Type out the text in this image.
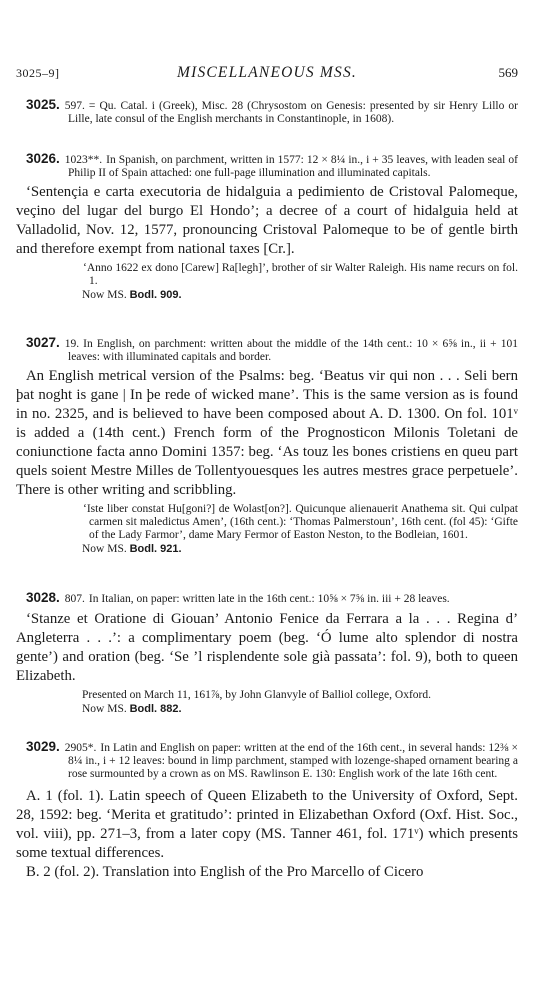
3025–9]	MISCELLANEOUS MSS.	569

3025. 597. = Qu. Catal. i (Greek), Misc. 28 (Chrysostom on Genesis: presented by sir Henry Lillo or Lille, late consul of the English merchants in Constantinople, in 1608).

3026. 1023**. In Spanish, on parchment, written in 1577: 12 × 8¼ in., i + 35 leaves, with leaden seal of Philip II of Spain attached: one full-page illumination and illuminated capitals.

‘Sentençia e carta executoria de hidalguia a pedimiento de Cristoval Palomeque, veçino del lugar del burgo El Hondo’; a decree of a court of hidalguia held at Valladolid, Nov. 12, 1577, pronouncing Cristoval Palomeque to be of gentle birth and therefore exempt from national taxes [Cr.].

‘Anno 1622 ex dono [Carew] Ra[legh]’, brother of sir Walter Raleigh. His name recurs on fol. 1.

Now MS. Bodl. 909.

3027. 19. In English, on parchment: written about the middle of the 14th cent.: 10 × 6⅝ in., ii + 101 leaves: with illuminated capitals and border.

An English metrical version of the Psalms: beg. ‘Beatus vir qui non . . . Seli bern þat noght is gane | In þe rede of wicked mane’. This is the same version as is found in no. 2325, and is believed to have been composed about A. D. 1300. On fol. 101ᵛ is added a (14th cent.) French form of the Prognosticon Milonis Toletani de coniunctione facta anno Domini 1357: beg. ‘As touz les bones cristiens en queu part quels soient Mestre Milles de Tollentyouesques les autres mestres grace perpetuele’. There is other writing and scribbling.

‘Iste liber constat Hu[goni?] de Wolast[on?]. Quicunque alienauerit Anathema sit. Qui culpat carmen sit maledictus Amen’, (16th cent.): ‘Thomas Palmerstoun’, 16th cent. (fol 45): ‘Gifte of the Lady Farmor’, dame Mary Fermor of Easton Neston, to the Bodleian, 1601.

Now MS. Bodl. 921.

3028. 807. In Italian, on paper: written late in the 16th cent.: 10⅝ × 7⅝ in. iii + 28 leaves.

‘Stanze et Oratione di Giouan’ Antonio Fenice da Ferrara a la . . . Regina d’ Angleterra . . .’: a complimentary poem (beg. ‘Ó lume alto splendor di nostra gente’) and oration (beg. ‘Se ’l risplendente sole già passata’: fol. 9), both to queen Elizabeth.

Presented on March 11, 161⅞, by John Glanvyle of Balliol college, Oxford.

Now MS. Bodl. 882.

3029. 2905*. In Latin and English on paper: written at the end of the 16th cent., in several hands: 12⅜ × 8¼ in., i + 12 leaves: bound in limp parchment, stamped with lozenge-shaped ornament bearing a rose surmounted by a crown as on MS. Rawlinson E. 130: English work of the late 16th cent.

A. 1 (fol. 1). Latin speech of Queen Elizabeth to the University of Oxford, Sept. 28, 1592: beg. ‘Merita et gratitudo’: printed in Elizabethan Oxford (Oxf. Hist. Soc., vol. viii), pp. 271–3, from a later copy (MS. Tanner 461, fol. 171ᵛ) which presents some textual differences.

B. 2 (fol. 2). Translation into English of the Pro Marcello of Cicero
